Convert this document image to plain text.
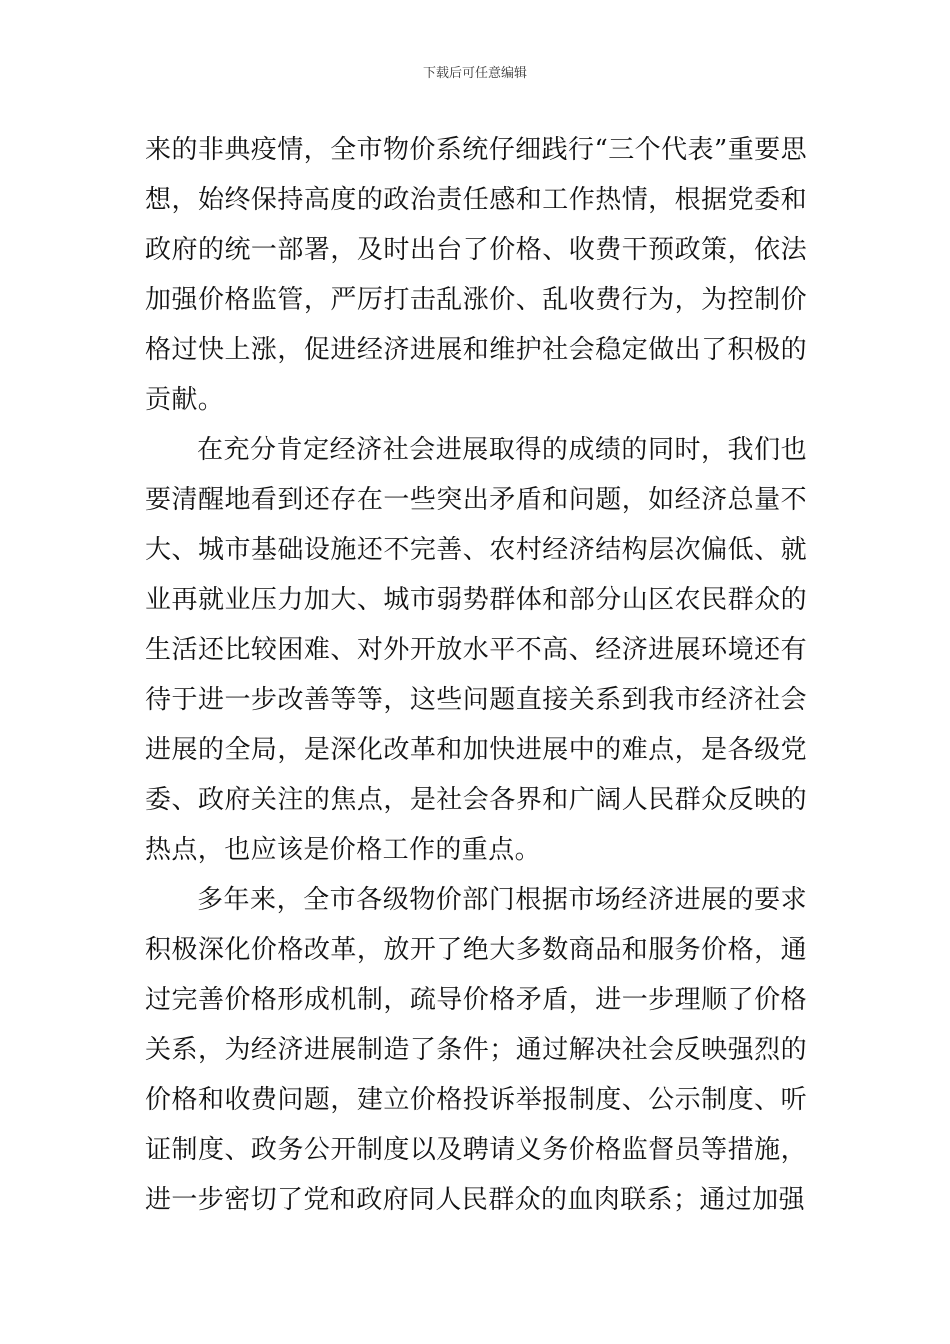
下载后可任意编辑

来的非典疫情，全市物价系统仔细践行“三个代表”重要思想，始终保持高度的政治责任感和工作热情，根据党委和政府的统一部署，及时出台了价格、收费干预政策，依法加强价格监管，严厉打击乱涨价、乱收费行为，为控制价格过快上涨，促进经济进展和维护社会稳定做出了积极的贡献。

在充分肯定经济社会进展取得的成绩的同时，我们也要清醒地看到还存在一些突出矛盾和问题，如经济总量不大、城市基础设施还不完善、农村经济结构层次偏低、就业再就业压力加大、城市弱势群体和部分山区农民群众的生活还比较困难、对外开放水平不高、经济进展环境还有待于进一步改善等等，这些问题直接关系到我市经济社会进展的全局，是深化改革和加快进展中的难点，是各级党委、政府关注的焦点，是社会各界和广阔人民群众反映的热点，也应该是价格工作的重点。

多年来，全市各级物价部门根据市场经济进展的要求积极深化价格改革，放开了绝大多数商品和服务价格，通过完善价格形成机制，疏导价格矛盾，进一步理顺了价格关系，为经济进展制造了条件；通过解决社会反映强烈的价格和收费问题，建立价格投诉举报制度、公示制度、听证制度、政务公开制度以及聘请义务价格监督员等措施，进一步密切了党和政府同人民群众的血肉联系；通过加强
